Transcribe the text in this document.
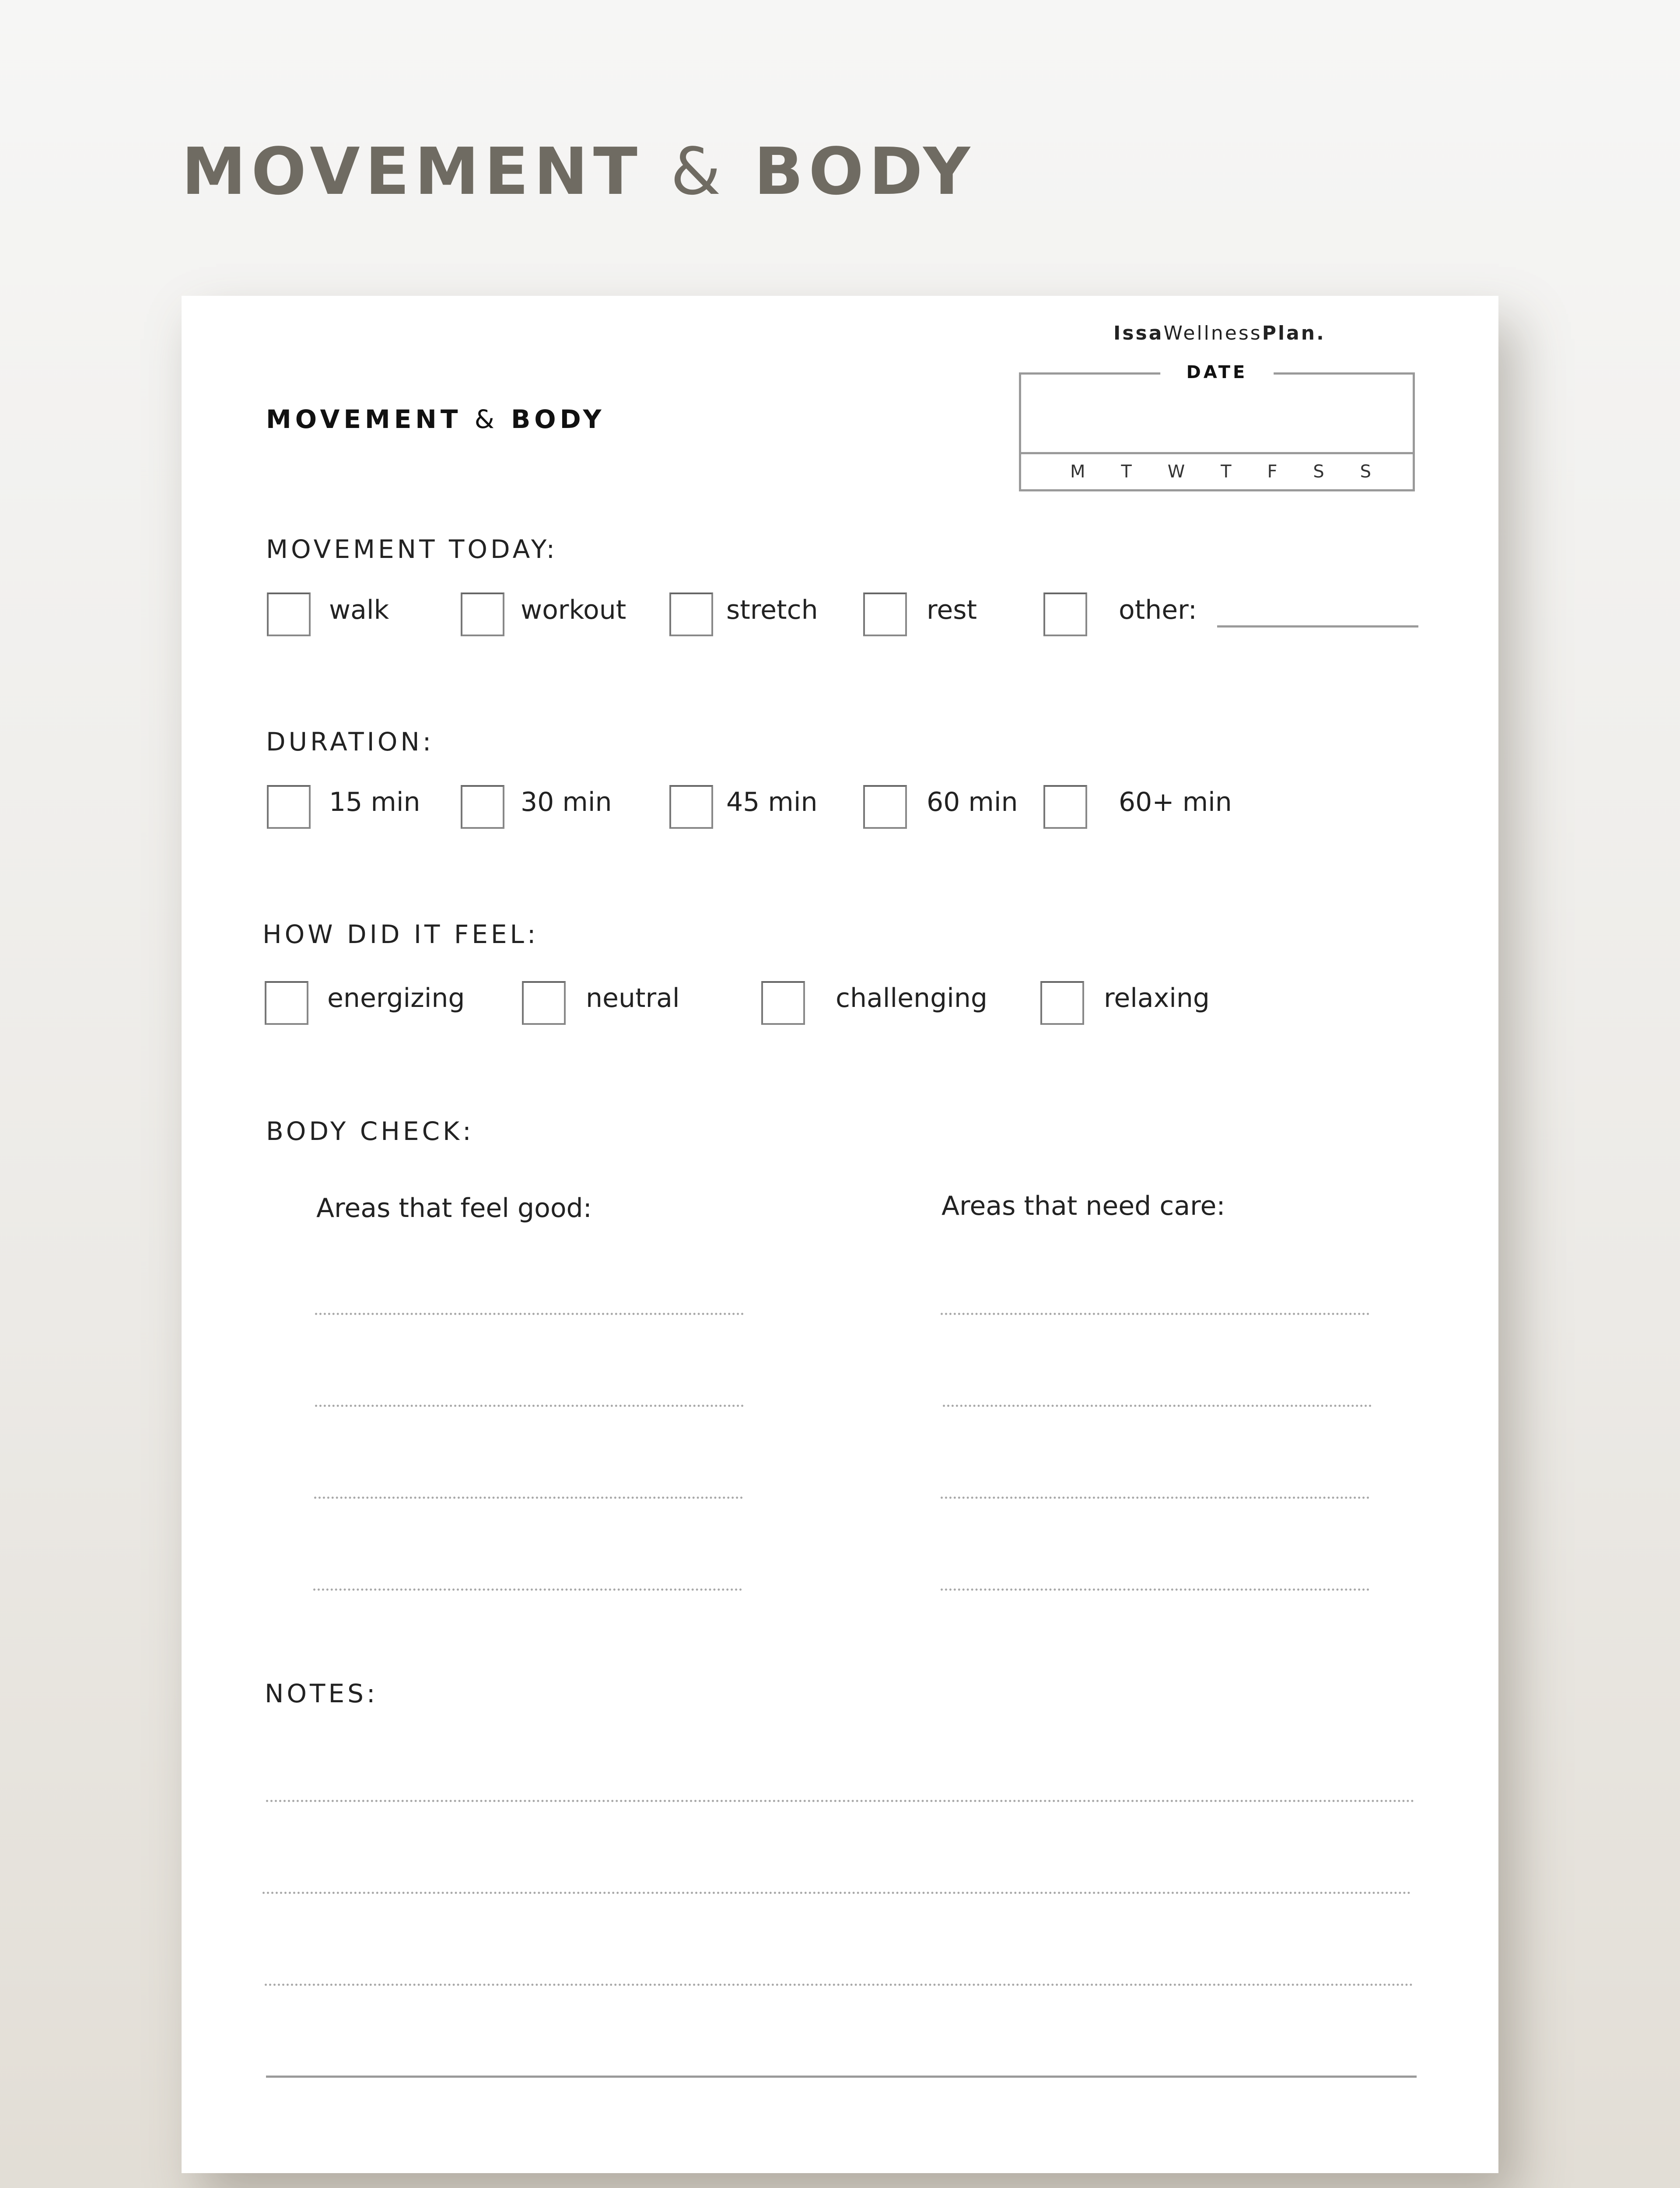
MOVEMENT & BODY
IssaWellnessPlan.
MOVEMENT & BODY
DATE
M T W T F S S
MOVEMENT TODAY:
walk	workout	stretch	rest	other:
DURATION:
15 min	30 min	45 min	60 min	60+ min
HOW DID IT FEEL:
energizing	neutral	challenging	relaxing
BODY CHECK:
Areas that feel good:	Areas that need care:
NOTES:
